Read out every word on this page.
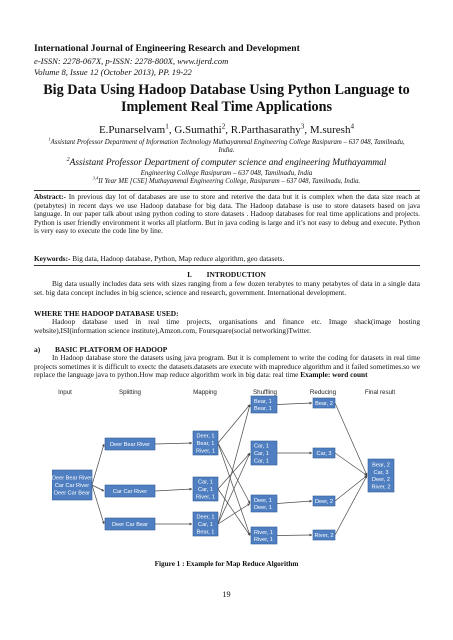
International Journal of Engineering Research and Development
e-ISSN: 2278-067X, p-ISSN: 2278-800X, www.ijerd.com
Volume 8, Issue 12 (October 2013), PP. 19-22
Big Data Using Hadoop Database Using Python Language to Implement Real Time Applications
E.Punarselvam$^1$, G.Sumathi$^2$, R.Parthasarathy$^3$, M.suresh$^4$
$^1$Assistant Professor Department of Information Technology Muthayammal Engineering College Rasipuram – 637 048, Tamilnadu, India.
$^2$Assistant Professor Department of computer science and engineering Muthayammal
Engineering College Rasipuram – 637 048, Tamilnadu, India
$^{3,4}$II Year ME [CSE] Muthayammal Engineering College, Rasipuram – 637 048, Tamilnadu, India.
Abstract:- In previous day lot of databases are use to store and reterive the data but it is complex when the data size reach at (petabytes) in recent days we use Hadoop database for big data. The Hadoop database is use to store datasets based on java language. In our paper talk about using python coding to store datasets . Hadoop databases for real time applications and projects. Python is user friendly environment it works all platform. But in java coding is large and it’s not easy to debug and execute. Python is very easy to execute the code line by line.
Keywords:- Big data, Hadoop database, Python, Map reduce algorithm, geo datasets.
I.        INTRODUCTION
Big data usually includes data sets with sizes ranging from a few dozen terabytes to many petabytes of data in a single data set. big data concept includes in big science, science and research, government. International development.
WHERE THE HADOOP DATABASE USED:
Hadoop database used in real time projects, organisations and finance etc. Image shack(image hosting website),ISI(information science institute),Amzon.com, Foursquare(social networking)Twitter.
a) BASIC PLATFORM OF HADOOP
In Hadoop database store the datasets using java program. But it is complement to write the coding for datasets in real time projects sometimes it is difficult to exectc the datasets.datasets are execute with mapreduce algorithm and it failed sometimes.so we replace the language java to python.How map reduce algorithm work in big data: real time Example: word count
Deer Bear River
Car Car River
Deer Car Bear
Deer Bear River
Car Car River
Deer Car Bear
Deer, 1
Bear, 1
River, 1
Car, 1
Car, 1
River, 1
Deer, 1
Car, 1
Bear, 1
Bear, 1
Bear, 1
Car, 1
Car, 1
Car, 1
Deer, 1
Deer, 1
River, 1
River, 1
Bear, 2
Car, 3
Deer, 2
River, 2
Bear, 2
Car, 3
Deer, 2
River, 2
Input	Splitting	Mapping	Shuffling	Reducing	Final result
Figure 1 : Example for Map Reduce Algorithm
19
